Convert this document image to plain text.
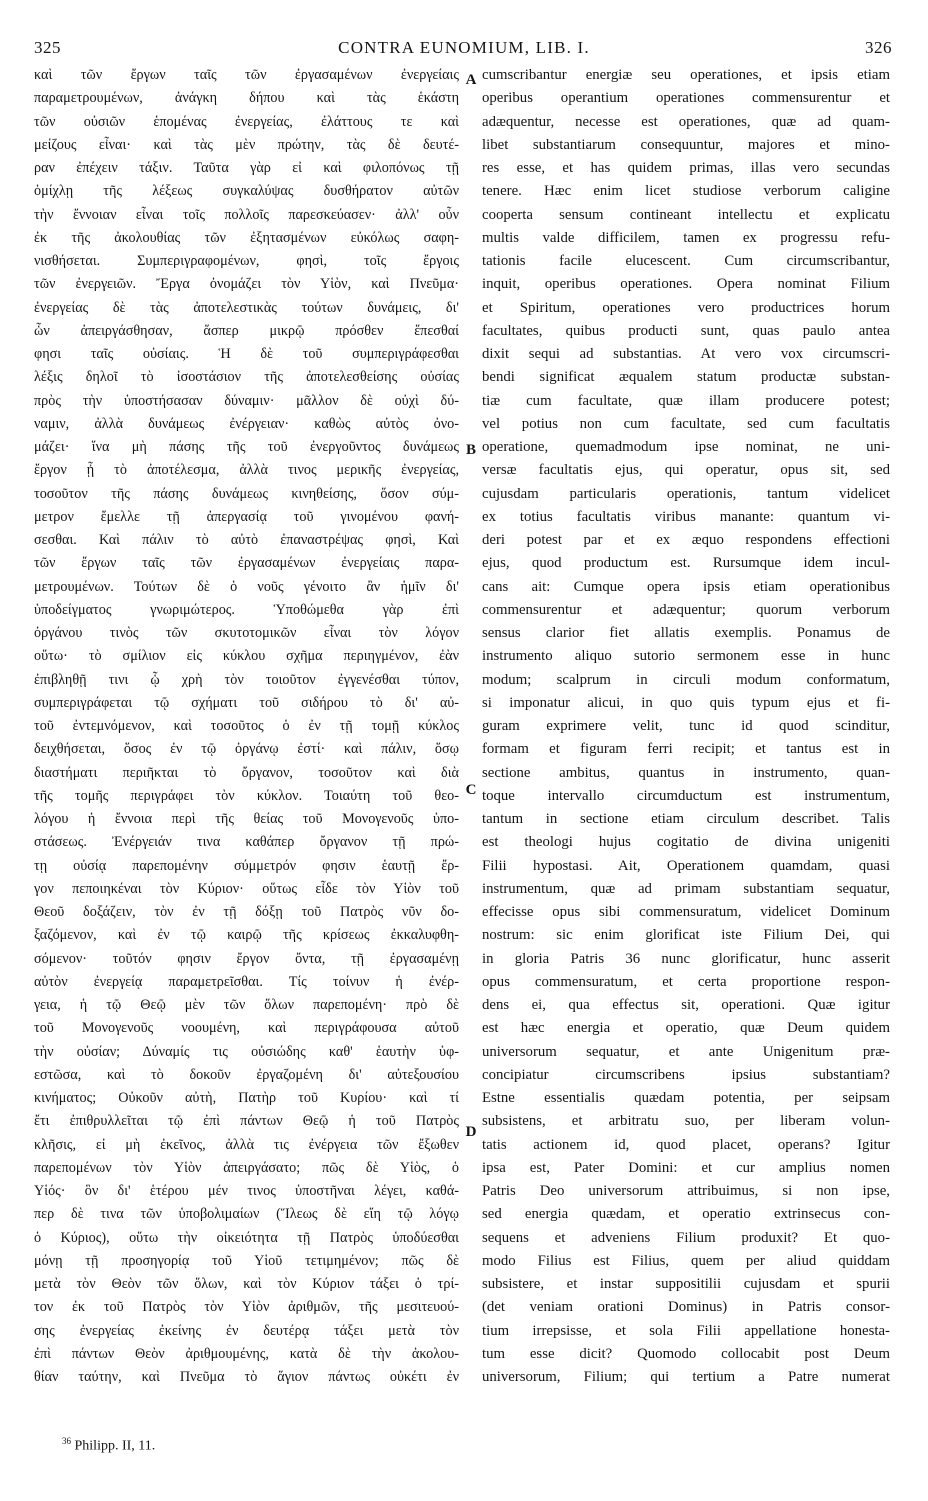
325	CONTRA EUNOMIUM, LIB. I.	326
καὶ τῶν ἔργων ταῖς τῶν ἐργασαμένων ἐνεργείαις
παραμετρουμένων, ἀνάγκη δήπου καὶ τὰς ἑκάστη
τῶν οὐσιῶν ἑπομένας ἐνεργείας, ἐλάττους τε καὶ
μείζους εἶναι· καὶ τὰς μὲν πρώτην, τὰς δὲ δευτέ-
ραν ἐπέχειν τάξιν. Ταῦτα γὰρ εἰ καὶ φιλοπόνως τῇ
ὁμίχλῃ τῆς λέξεως συγκαλύψας δυσθήρατον αὐτῶν
τὴν ἔννοιαν εἶναι τοῖς πολλοῖς παρεσκεύασεν· ἀλλ' οὖν
ἐκ τῆς ἀκολουθίας τῶν ἐξητασμένων εὐκόλως σαφη-
νισθήσεται. Συμπεριγραφομένων, φησὶ, τοῖς ἔργοις
τῶν ἐνεργειῶν. Ἔργα ὀνομάζει τὸν Υἱὸν, καὶ Πνεῦμα·
ἐνεργείας δὲ τὰς ἀποτελεστικὰς τούτων δυνάμεις, δι'
ὧν ἀπειργάσθησαν, ἅσπερ μικρῷ πρόσθεν ἕπεσθαί
φησι ταῖς οὐσίαις. Ἡ δὲ τοῦ συμπεριγράφεσθαι
λέξις δηλοῖ τὸ ἰσοστάσιον τῆς ἀποτελεσθείσης οὐσίας
πρὸς τὴν ὑποστήσασαν δύναμιν· μᾶλλον δὲ οὐχὶ δύ-
ναμιν, ἀλλὰ δυνάμεως ἐνέργειαν· καθὼς αὐτὸς ὀνο-
μάζει· ἵνα μὴ πάσης τῆς τοῦ ἐνεργοῦντος δυνάμεως
ἔργον ᾖ τὸ ἀποτέλεσμα, ἀλλὰ τινος μερικῆς ἐνεργείας,
τοσοῦτον τῆς πάσης δυνάμεως κινηθείσης, ὅσον σύμ-
μετρον ἔμελλε τῇ ἀπεργασίᾳ τοῦ γινομένου φανή-
σεσθαι. Καὶ πάλιν τὸ αὐτὸ ἐπαναστρέψας φησὶ, Καὶ
τῶν ἔργων ταῖς τῶν ἐργασαμένων ἐνεργείαις παρα-
μετρουμένων. Τούτων δὲ ὁ νοῦς γένοιτο ἂν ἡμῖν δι'
ὑποδείγματος γνωριμώτερος. Ὑποθώμεθα γὰρ ἐπὶ
ὀργάνου τινὸς τῶν σκυτοτομικῶν εἶναι τὸν λόγον
οὕτω· τὸ σμίλιον εἰς κύκλου σχῆμα περιηγμένον, ἐὰν
ἐπιβληθῇ τινι ᾧ χρὴ τὸν τοιοῦτον ἐγγενέσθαι τύπον,
συμπεριγράφεται τῷ σχήματι τοῦ σιδήρου τὸ δι' αὐ-
τοῦ ἐντεμνόμενον, καὶ τοσοῦτος ὁ ἐν τῇ τομῇ κύκλος
δειχθήσεται, ὅσος ἐν τῷ ὀργάνῳ ἐστί· καὶ πάλιν, ὅσῳ
διαστήματι περιῆκται τὸ ὄργανον, τοσοῦτον καὶ διὰ
τῆς τομῆς περιγράφει τὸν κύκλον. Τοιαύτη τοῦ θεο-
λόγου ἡ ἔννοια περὶ τῆς θείας τοῦ Μονογενοῦς ὑπο-
στάσεως. Ἐνέργειάν τινα καθάπερ ὄργανον τῇ πρώ-
τῃ οὐσίᾳ παρεπομένην σύμμετρόν φησιν ἑαυτῇ ἔρ-
γον πεποιηκέναι τὸν Κύριον· οὕτως εἶδε τὸν Υἱὸν τοῦ
Θεοῦ δοξάζειν, τὸν ἐν τῇ δόξῃ τοῦ Πατρὸς νῦν δο-
ξαζόμενον, καὶ ἐν τῷ καιρῷ τῆς κρίσεως ἐκκαλυφθη-
σόμενον· τοῦτόν φησιν ἔργον ὄντα, τῇ ἐργασαμένῃ
αὐτὸν ἐνεργείᾳ παραμετρεῖσθαι. Τίς τοίνυν ἡ ἐνέρ-
γεια, ἡ τῷ Θεῷ μὲν τῶν ὅλων παρεπομένη· πρὸ δὲ
τοῦ Μονογενοῦς νοουμένη, καὶ περιγράφουσα αὐτοῦ
τὴν οὐσίαν; Δύναμίς τις οὐσιώδης καθ' ἑαυτὴν ὑφ-
εστῶσα, καὶ τὸ δοκοῦν ἐργαζομένη δι' αὐτεξουσίου
κινήματος; Οὐκοῦν αὐτὴ, Πατὴρ τοῦ Κυρίου· καὶ τί
ἔτι ἐπιθρυλλεῖται τῷ ἐπὶ πάντων Θεῷ ἡ τοῦ Πατρὸς
κλῆσις, εἰ μὴ ἐκεῖνος, ἀλλὰ τις ἐνέργεια τῶν ἔξωθεν
παρεπομένων τὸν Υἱὸν ἀπειργάσατο; πῶς δὲ Υἱὸς, ὁ
Υἱός· ὃν δι' ἑτέρου μέν τινος ὑποστῆναι λέγει, καθά-
περ δὲ τινα τῶν ὑποβολιμαίων (Ἵλεως δὲ εἴη τῷ λόγῳ
ὁ Κύριος), οὕτω τὴν οἰκειότητα τῇ Πατρὸς ὑποδύεσθαι
μόνῃ τῇ προσηγορίᾳ τοῦ Υἱοῦ τετιμημένον; πῶς δὲ
μετὰ τὸν Θεὸν τῶν ὅλων, καὶ τὸν Κύριον τάξει ὁ τρί-
τον ἐκ τοῦ Πατρὸς τὸν Υἱὸν ἀριθμῶν, τῆς μεσιτευού-
σης ἐνεργείας ἐκείνης ἐν δευτέρᾳ τάξει μετὰ τὸν
ἐπὶ πάντων Θεὸν ἀριθμουμένης, κατὰ δὲ τὴν ἀκολου-
θίαν ταύτην, καὶ Πνεῦμα τὸ ἅγιον πάντως οὐκέτι ἐν
cumscribantur energiæ seu operationes, et ipsis etiam
operibus operantium operationes commensurentur et
adæquentur, necesse est operationes, quæ ad quam-
libet substantiarum consequuntur, majores et mino-
res esse, et has quidem primas, illas vero secundas
tenere. Hæc enim licet studiose verborum caligine
cooperta sensum contineant intellectu et explicatu
multis valde difficilem, tamen ex progressu refu-
tationis facile elucescent. Cum circumscribantur,
inquit, operibus operationes. Opera nominat Filium
et Spiritum, operationes vero productrices horum
facultates, quibus producti sunt, quas paulo antea
dixit sequi ad substantias. At vero vox circumscri-
bendi significat æqualem statum productæ substan-
tiæ cum facultate, quæ illam producere potest;
vel potius non cum facultate, sed cum facultatis
operatione, quemadmodum ipse nominat, ne uni-
versæ facultatis ejus, qui operatur, opus sit, sed
cujusdam particularis operationis, tantum videlicet
ex totius facultatis viribus manante: quantum vi-
deri potest par et ex æquo respondens effectioni
ejus, quod productum est. Rursumque idem incul-
cans ait: Cumque opera ipsis etiam operationibus
commensurentur et adæquentur; quorum verborum
sensus clarior fiet allatis exemplis. Ponamus de
instrumento aliquo sutorio sermonem esse in hunc
modum; scalprum in circuli modum conformatum,
si imponatur alicui, in quo quis typum ejus et fi-
guram exprimere velit, tunc id quod scinditur,
formam et figuram ferri recipit; et tantus est in
sectione ambitus, quantus in instrumento, quan-
toque intervallo circumductum est instrumentum,
tantum in sectione etiam circulum describet. Talis
est theologi hujus cogitatio de divina unigeniti
Filii hypostasi. Ait, Operationem quamdam, quasi
instrumentum, quæ ad primam substantiam sequatur,
effecisse opus sibi commensuratum, videlicet Dominum
nostrum: sic enim glorificat iste Filium Dei, qui
in gloria Patris 36 nunc glorificatur, hunc asserit
opus commensuratum, et certa proportione respon-
dens ei, qua effectus sit, operationi. Quæ igitur
est hæc energia et operatio, quæ Deum quidem
universorum sequatur, et ante Unigenitum præ-
concipiatur circumscribens ipsius substantiam?
Estne essentialis quædam potentia, per seipsam
subsistens, et arbitratu suo, per liberam volun-
tatis actionem id, quod placet, operans? Igitur
ipsa est, Pater Domini: et cur amplius nomen
Patris Deo universorum attribuimus, si non ipse,
sed energia quædam, et operatio extrinsecus con-
sequens et adveniens Filium produxit? Et quo-
modo Filius est Filius, quem per aliud quiddam
subsistere, et instar suppositilii cujusdam et spurii
(det veniam orationi Dominus) in Patris consor-
tium irrepsisse, et sola Filii appellatione honesta-
tum esse dicit? Quomodo collocabit post Deum
universorum, Filium; qui tertium a Patre numerat
A
B
C
D
$^{36}$ Philipp. II, 11.
